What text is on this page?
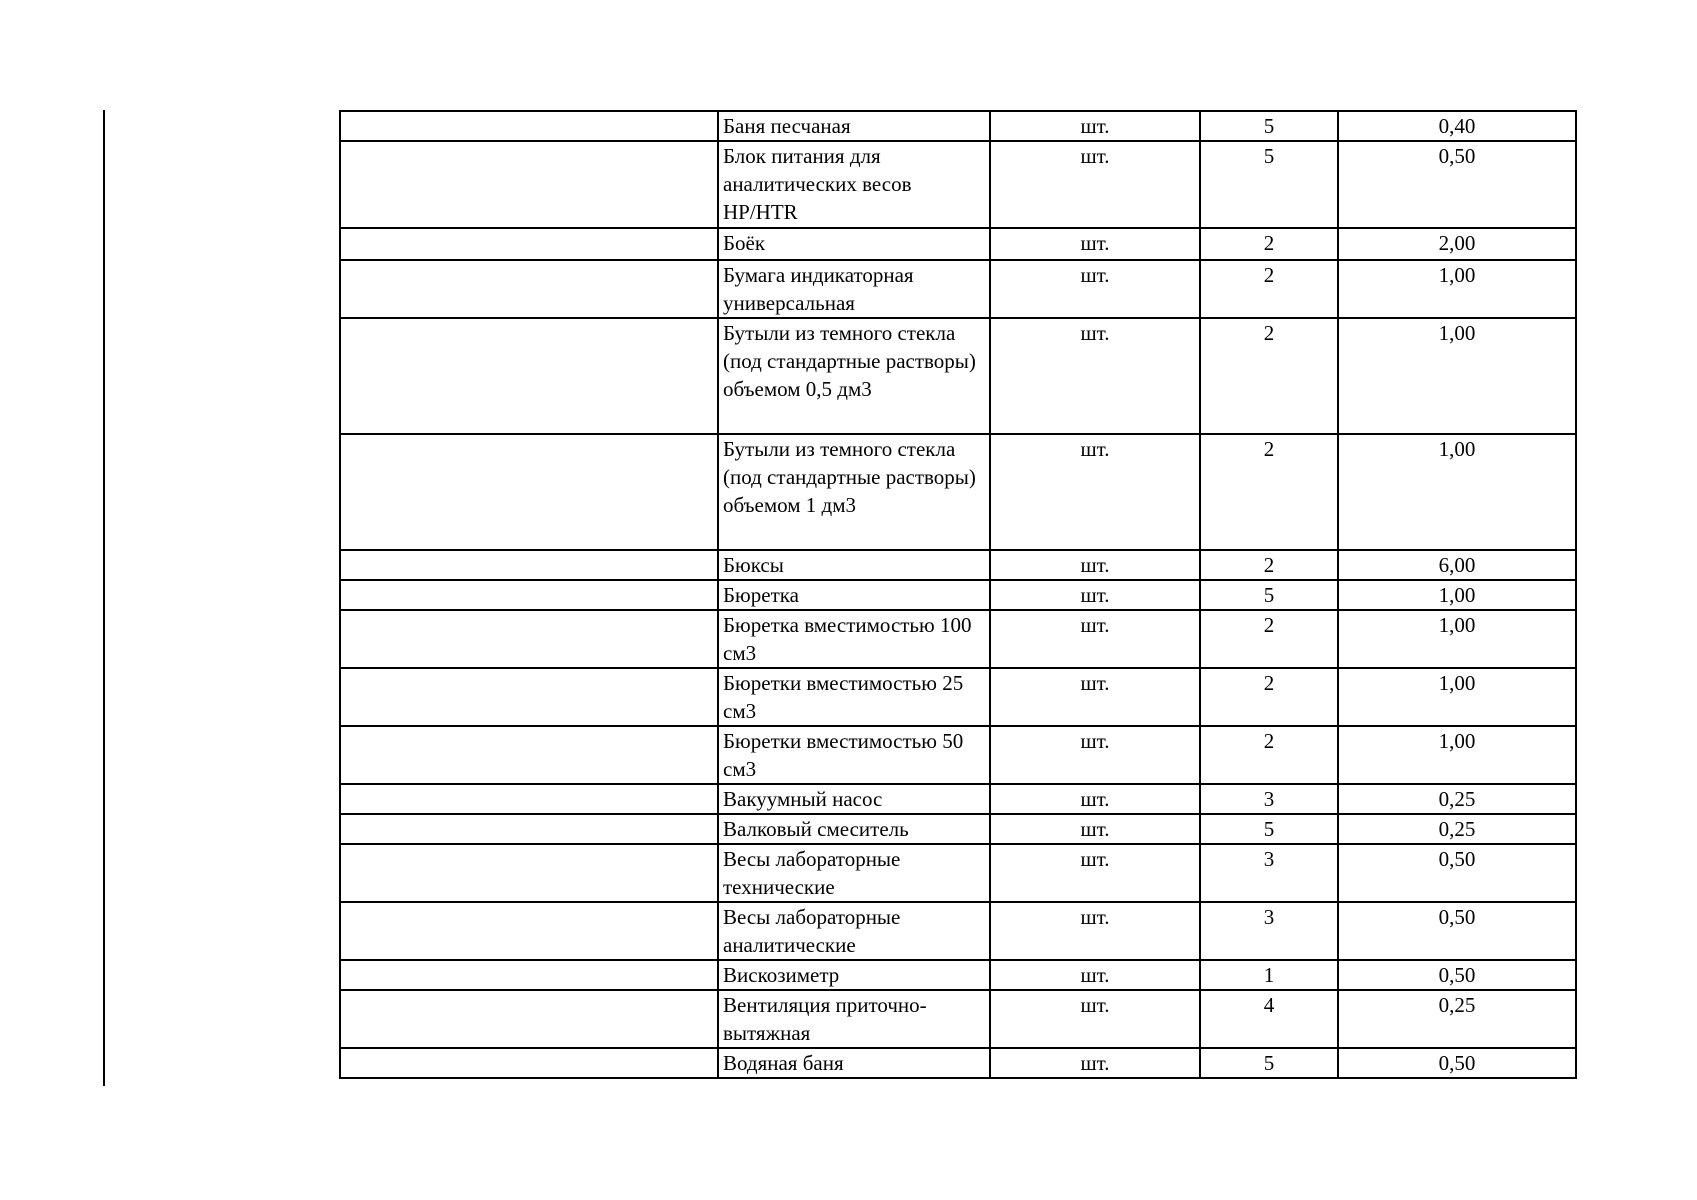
	Баня песчаная	шт.	5	0,40
	Блок питания для аналитических весов HP/HTR	шт.	5	0,50
	Боёк	шт.	2	2,00
	Бумага индикаторная универсальная	шт.	2	1,00
	Бутыли из темного стекла (под стандартные растворы) объемом 0,5 дм3	шт.	2	1,00
	Бутыли из темного стекла (под стандартные растворы) объемом 1 дм3	шт.	2	1,00
	Бюксы	шт.	2	6,00
	Бюретка	шт.	5	1,00
	Бюретка вместимостью 100 см3	шт.	2	1,00
	Бюретки вместимостью 25 см3	шт.	2	1,00
	Бюретки вместимостью 50 см3	шт.	2	1,00
	Вакуумный насос	шт.	3	0,25
	Валковый смеситель	шт.	5	0,25
	Весы лабораторные технические	шт.	3	0,50
	Весы лабораторные аналитические	шт.	3	0,50
	Вискозиметр	шт.	1	0,50
	Вентиляция приточно-вытяжная	шт.	4	0,25
	Водяная баня	шт.	5	0,50
